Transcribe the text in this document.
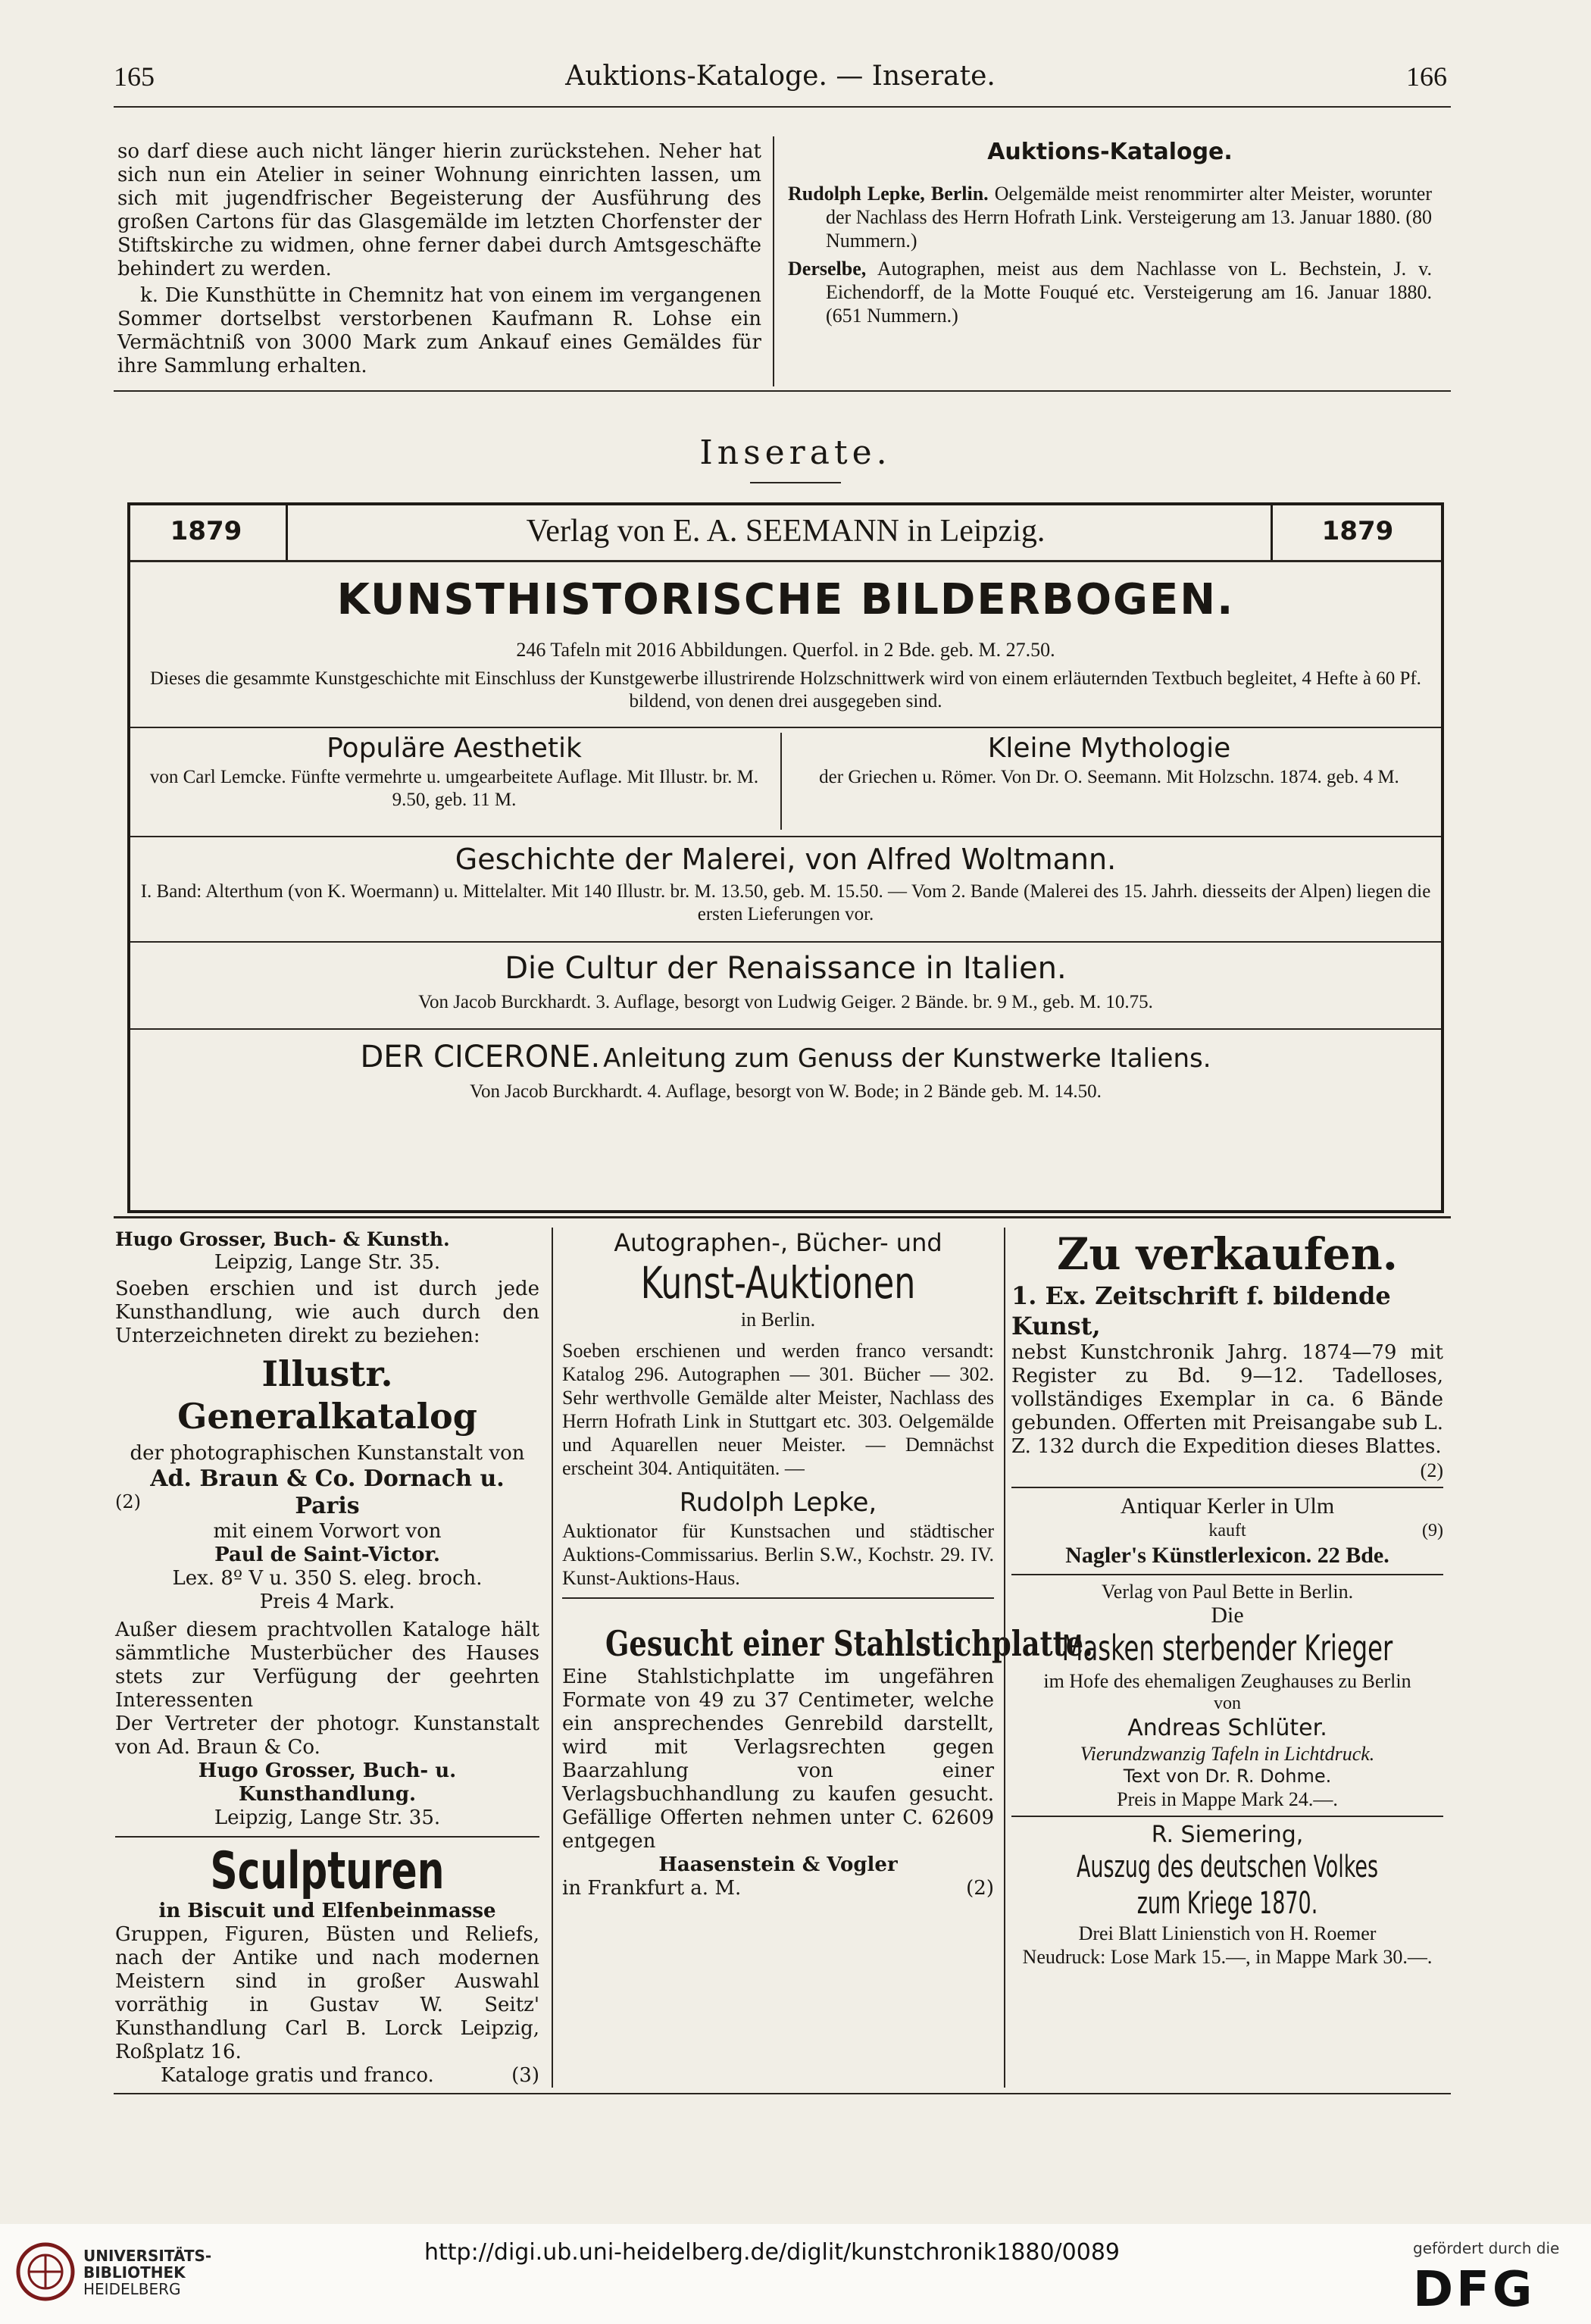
165	Auktions-Kataloge. — Inserate.	166
so darf diese auch nicht länger hierin zurückstehen. Neher hat sich nun ein Atelier in seiner Wohnung einrichten lassen, um sich mit jugendfrischer Begeisterung der Ausführung des großen Cartons für das Glasgemälde im letzten Chorfenster der Stiftskirche zu widmen, ohne ferner dabei durch Amtsgeschäfte behindert zu werden.
k. Die Kunsthütte in Chemnitz hat von einem im vergangenen Sommer dortselbst verstorbenen Kaufmann R. Lohse ein Vermächtniß von 3000 Mark zum Ankauf eines Gemäldes für ihre Sammlung erhalten.
Auktions-Kataloge.

Rudolph Lepke, Berlin. Oelgemälde meist renommirter alter Meister, worunter der Nachlass des Herrn Hofrath Link. Versteigerung am 13. Januar 1880. (80 Nummern.)

Derselbe, Autographen, meist aus dem Nachlasse von L. Bechstein, J. v. Eichendorff, de la Motte Fouqué etc. Versteigerung am 16. Januar 1880. (651 Nummern.)

Inserate.
1879	Verlag von E. A. SEEMANN in Leipzig.	1879
KUNSTHISTORISCHE BILDERBOGEN.
246 Tafeln mit 2016 Abbildungen. Querfol. in 2 Bde. geb. M. 27.50.
Dieses die gesammte Kunstgeschichte mit Einschluss der Kunstgewerbe illustrirende Holzschnittwerk wird von einem erläuternden Textbuch begleitet, 4 Hefte à 60 Pf. bildend, von denen drei ausgegeben sind.
Populäre Aesthetik
von Carl Lemcke. Fünfte vermehrte u. umgearbeitete Auflage. Mit Illustr. br. M. 9.50, geb. 11 M.
Kleine Mythologie
der Griechen u. Römer. Von Dr. O. Seemann. Mit Holzschn. 1874. geb. 4 M.
Geschichte der Malerei, von Alfred Woltmann.
I. Band: Alterthum (von K. Woermann) u. Mittelalter. Mit 140 Illustr. br. M. 13.50, geb. M. 15.50. — Vom 2. Bande (Malerei des 15. Jahrh. diesseits der Alpen) liegen die ersten Lieferungen vor.
Die Cultur der Renaissance in Italien.
Von Jacob Burckhardt. 3. Auflage, besorgt von Ludwig Geiger. 2 Bände. br. 9 M., geb. M. 10.75.
DER CICERONE. Anleitung zum Genuss der Kunstwerke Italiens.
Von Jacob Burckhardt. 4. Auflage, besorgt von W. Bode; in 2 Bände geb. M. 14.50.
Hugo Grosser, Buch- & Kunsth.
Leipzig, Lange Str. 35.
Soeben erschien und ist durch jede Kunsthandlung, wie auch durch den Unterzeichneten direkt zu beziehen:
Illustr. Generalkatalog
der photographischen Kunstanstalt von
Ad. Braun & Co. Dornach u. Paris
mit einem Vorwort von
Paul de Saint-Victor.
(2)
Lex. 8º V u. 350 S. eleg. broch.
Preis 4 Mark.
Außer diesem prachtvollen Kataloge hält sämmtliche Musterbücher des Hauses stets zur Verfügung der geehrten Interessenten
Der Vertreter der photogr. Kunstanstalt von Ad. Braun & Co.
Hugo Grosser, Buch- u. Kunsthandlung.
Leipzig, Lange Str. 35.
Sculpturen
in Biscuit und Elfenbeinmasse
Gruppen, Figuren, Büsten und Reliefs, nach der Antike und nach modernen Meistern sind in großer Auswahl vorräthig in Gustav W. Seitz' Kunsthandlung Carl B. Lorck Leipzig, Roßplatz 16.
Kataloge gratis und franco.	(3)
Autographen-, Bücher- und
Kunst-Auktionen
in Berlin.
Soeben erschienen und werden franco versandt: Katalog 296. Autographen — 301. Bücher — 302. Sehr werthvolle Gemälde alter Meister, Nachlass des Herrn Hofrath Link in Stuttgart etc. 303. Oelgemälde und Aquarellen neuer Meister. — Demnächst erscheint 304. Antiquitäten. —
Rudolph Lepke,
Auktionator für Kunstsachen und städtischer Auktions-Commissarius. Berlin S.W., Kochstr. 29. IV. Kunst-Auktions-Haus.
Gesucht einer Stahlstichplatte.
Eine Stahlstichplatte im ungefähren Formate von 49 zu 37 Centimeter, welche ein ansprechendes Genrebild darstellt, wird mit Verlagsrechten gegen Baarzahlung von einer Verlagsbuchhandlung zu kaufen gesucht. Gefällige Offerten nehmen unter C. 62609 entgegen
Haasenstein & Vogler
in Frankfurt a. M.	(2)
Zu verkaufen.
1. Ex. Zeitschrift f. bildende Kunst,
nebst Kunstchronik Jahrg. 1874—79 mit Register zu Bd. 9—12. Tadelloses, vollständiges Exemplar in ca. 6 Bände gebunden. Offerten mit Preisangabe sub L. Z. 132 durch die Expedition dieses Blattes.
(2)
Antiquar Kerler in Ulm
kauft	(9)
Nagler's Künstlerlexicon. 22 Bde.
Verlag von Paul Bette in Berlin.
Die
Masken sterbender Krieger
im Hofe des ehemaligen Zeughauses zu Berlin
von
Andreas Schlüter.
Vierundzwanzig Tafeln in Lichtdruck.
Text von Dr. R. Dohme.
Preis in Mappe Mark 24.—.
R. Siemering,
Auszug des deutschen Volkes zum Kriege 1870.
Drei Blatt Linienstich von H. Roemer
Neudruck: Lose Mark 15.—, in Mappe Mark 30.—.
UNIVERSITÄTS-
BIBLIOTHEK
HEIDELBERG
http://digi.ub.uni-heidelberg.de/diglit/kunstchronik1880/0089	gefördert durch die
DFG
